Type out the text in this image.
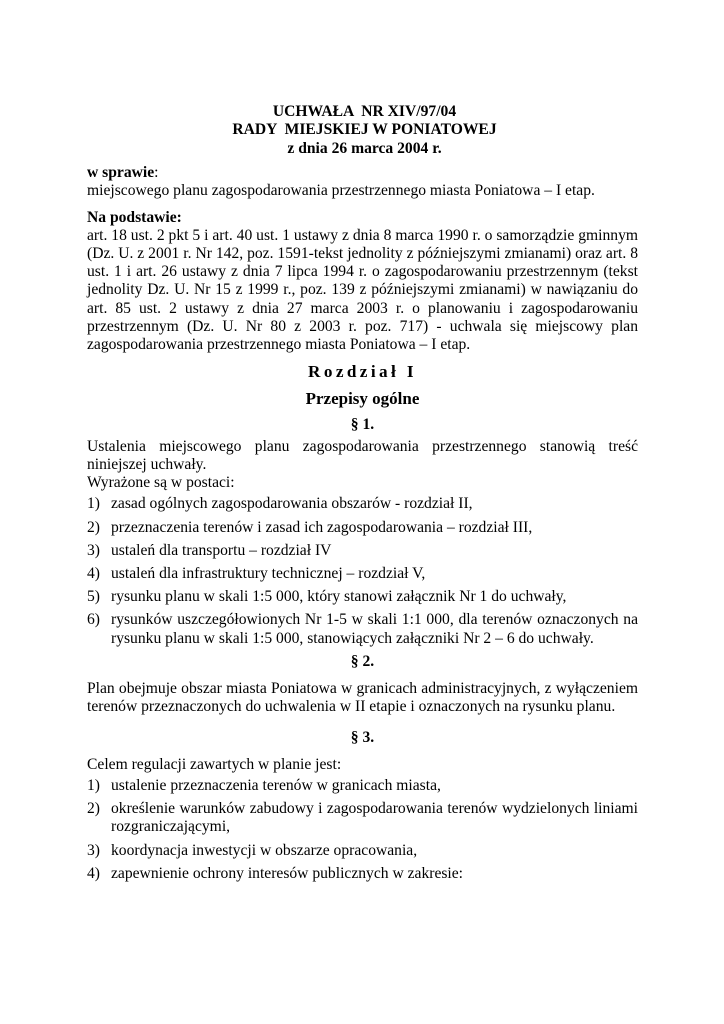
UCHWAŁA  NR XIV/97/04
RADY  MIEJSKIEJ W PONIATOWEJ
z dnia 26 marca 2004 r.
w sprawie:
miejscowego planu zagospodarowania przestrzennego miasta Poniatowa – I etap.
Na podstawie:
art. 18 ust. 2 pkt 5 i art. 40 ust. 1 ustawy z dnia 8 marca 1990 r. o samorządzie gminnym (Dz. U. z 2001 r. Nr 142, poz. 1591-tekst jednolity z późniejszymi zmianami) oraz art. 8 ust. 1 i art. 26 ustawy z dnia 7 lipca 1994 r. o zagospodarowaniu przestrzennym (tekst jednolity Dz. U. Nr 15 z 1999 r., poz. 139 z późniejszymi zmianami) w nawiązaniu do art. 85 ust. 2 ustawy z dnia 27 marca 2003 r. o planowaniu i zagospodarowaniu przestrzennym (Dz. U. Nr 80 z 2003 r. poz. 717) - uchwala się miejscowy plan zagospodarowania przestrzennego miasta Poniatowa – I etap.
Rozdział I
Przepisy ogólne
§ 1.
Ustalenia miejscowego planu zagospodarowania przestrzennego stanowią treść niniejszej uchwały.
Wyrażone są w postaci:
1) zasad ogólnych zagospodarowania obszarów - rozdział II,
2) przeznaczenia terenów i zasad ich zagospodarowania – rozdział III,
3) ustaleń dla transportu – rozdział IV
4) ustaleń dla infrastruktury technicznej – rozdział V,
5) rysunku planu w skali 1:5 000, który stanowi załącznik Nr 1 do uchwały,
6) rysunków uszczegółowionych Nr 1-5 w skali 1:1 000, dla terenów oznaczonych na rysunku planu w skali 1:5 000, stanowiących załączniki Nr 2 – 6 do uchwały.
§ 2.
Plan obejmuje obszar miasta Poniatowa w granicach administracyjnych, z wyłączeniem terenów przeznaczonych do uchwalenia w II etapie i oznaczonych na rysunku planu.
§ 3.
Celem regulacji zawartych w planie jest:
1) ustalenie przeznaczenia terenów w granicach miasta,
2) określenie warunków zabudowy i zagospodarowania terenów wydzielonych liniami rozgraniczającymi,
3) koordynacja inwestycji w obszarze opracowania,
4) zapewnienie ochrony interesów publicznych w zakresie:
